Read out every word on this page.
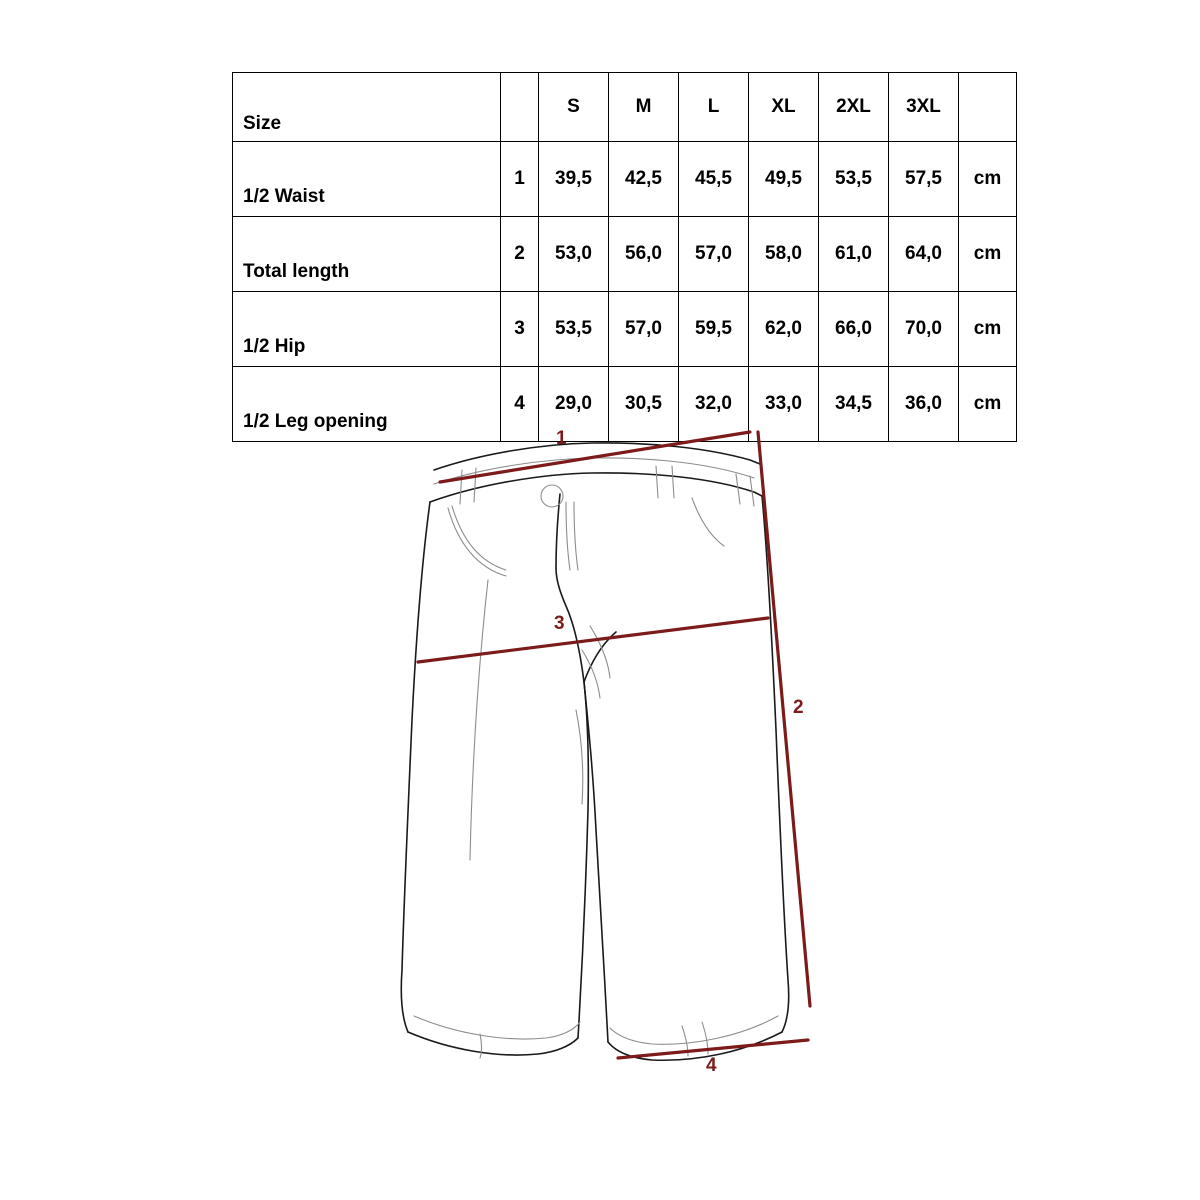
Size		S	M	L	XL	2XL	3XL	
1/2 Waist	1	39,5	42,5	45,5	49,5	53,5	57,5	cm
Total length	2	53,0	56,0	57,0	58,0	61,0	64,0	cm
1/2 Hip	3	53,5	57,0	59,5	62,0	66,0	70,0	cm
1/2 Leg opening	4	29,0	30,5	32,0	33,0	34,5	36,0	cm
1
2
3
4
